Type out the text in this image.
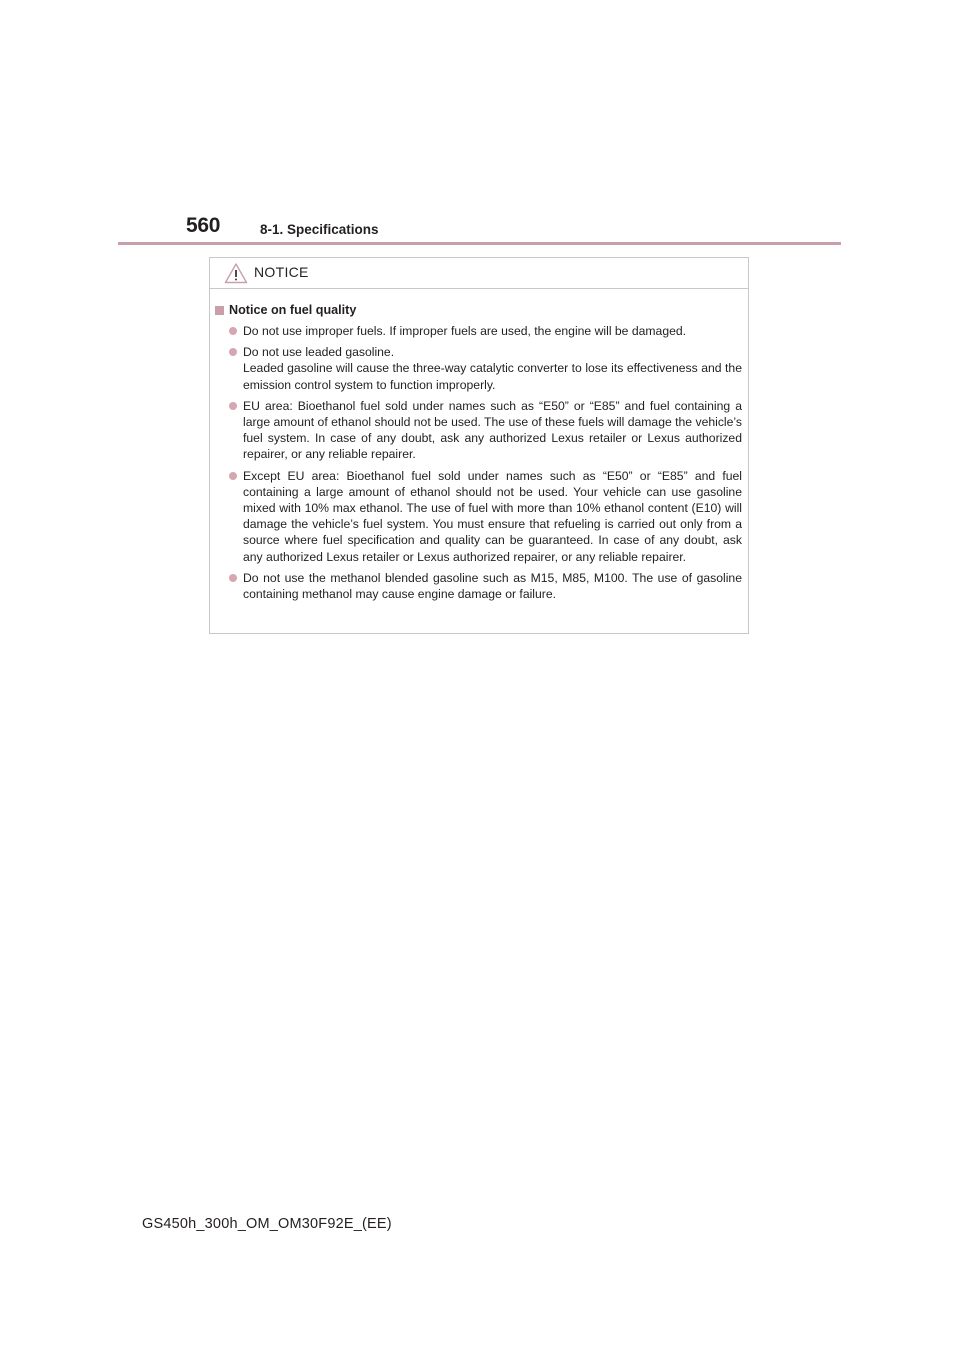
560	8-1. Specifications
NOTICE
Notice on fuel quality
Do not use improper fuels. If improper fuels are used, the engine will be damaged.
Do not use leaded gasoline.
Leaded gasoline will cause the three-way catalytic converter to lose its effectiveness and the emission control system to function improperly.
EU area: Bioethanol fuel sold under names such as “E50” or “E85” and fuel containing a large amount of ethanol should not be used. The use of these fuels will damage the vehicle’s fuel system. In case of any doubt, ask any authorized Lexus retailer or Lexus authorized repairer, or any reliable repairer.
Except EU area: Bioethanol fuel sold under names such as “E50” or “E85” and fuel containing a large amount of ethanol should not be used. Your vehicle can use gasoline mixed with 10% max ethanol. The use of fuel with more than 10% ethanol content (E10) will damage the vehicle’s fuel system. You must ensure that refueling is carried out only from a source where fuel specification and quality can be guaranteed. In case of any doubt, ask any authorized Lexus retailer or Lexus authorized repairer, or any reliable repairer.
Do not use the methanol blended gasoline such as M15, M85, M100. The use of gasoline containing methanol may cause engine damage or failure.
GS450h_300h_OM_OM30F92E_(EE)
